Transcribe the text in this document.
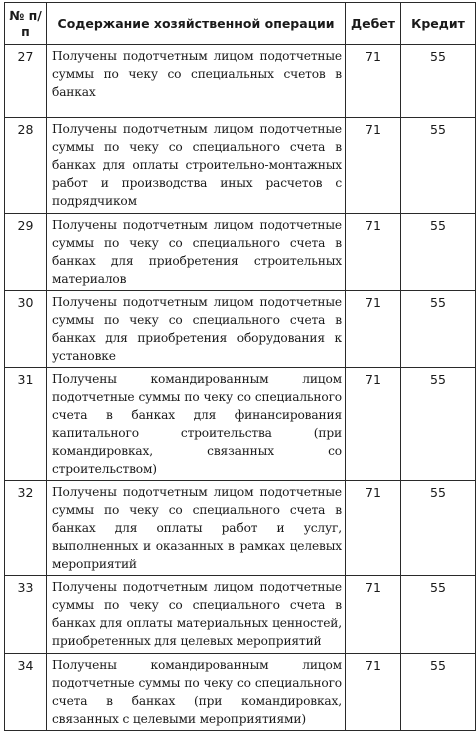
№ п/п	Содержание хозяйственной операции	Дебет	Кредит
27	Получены подотчетным лицом подотчетные суммы по чеку со специальных счетов в банках	71	55
28	Получены подотчетным лицом подотчетные суммы по чеку со специального счета в банках для оплаты строительно-монтажных работ и производства иных расчетов с подрядчиком	71	55
29	Получены подотчетным лицом подотчетные суммы по чеку со специального счета в банках для приобретения строительных материалов	71	55
30	Получены подотчетным лицом подотчетные суммы по чеку со специального счета в банках для приобретения оборудования к установке	71	55
31	Получены командированным лицом подотчетные суммы по чеку со специального счета в банках для финансирования капитального строительства (при командировках, связанных со строительством)	71	55
32	Получены подотчетным лицом подотчетные суммы по чеку со специального счета в банках для оплаты работ и услуг, выполненных и оказанных в рамках целевых мероприятий	71	55
33	Получены подотчетным лицом подотчетные суммы по чеку со специального счета в банках для оплаты материальных ценностей, приобретенных для целевых мероприятий	71	55
34	Получены командированным лицом подотчетные суммы по чеку со специального счета в банках (при командировках, связанных с целевыми мероприятиями)	71	55
